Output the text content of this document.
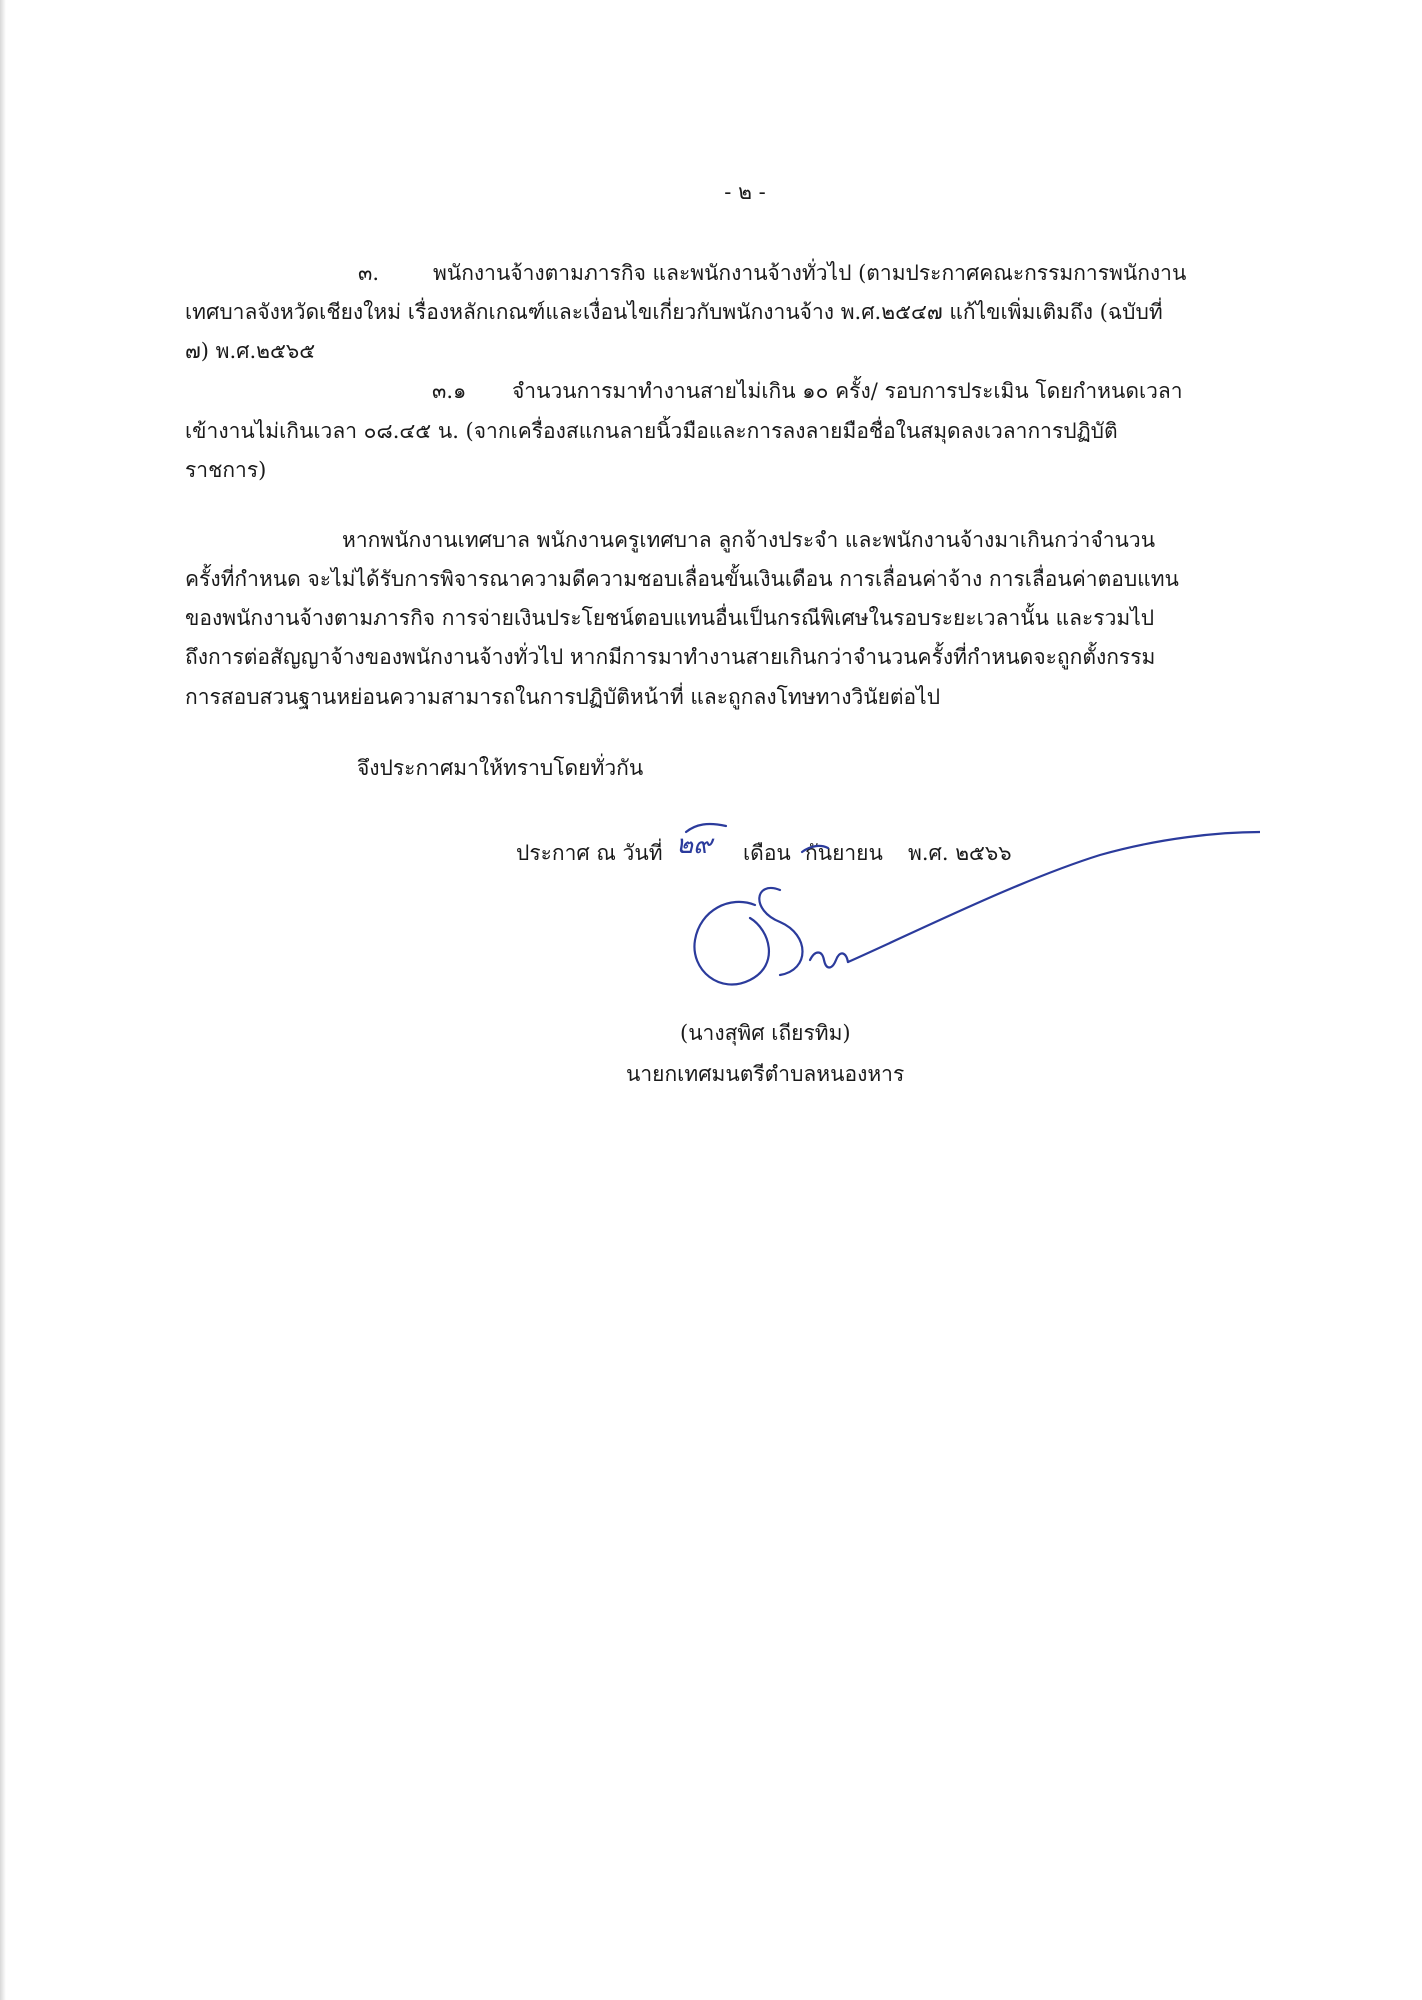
- ๒ -
๓.	พนักงานจ้างตามภารกิจ และพนักงานจ้างทั่วไป (ตามประกาศคณะกรรมการพนักงาน
เทศบาลจังหวัดเชียงใหม่ เรื่องหลักเกณฑ์และเงื่อนไขเกี่ยวกับพนักงานจ้าง พ.ศ.๒๕๔๗ แก้ไขเพิ่มเติมถึง (ฉบับที่
๗) พ.ศ.๒๕๖๕
๓.๑ จำนวนการมาทำงานสายไม่เกิน ๑๐ ครั้ง/ รอบการประเมิน โดยกำหนดเวลา
เข้างานไม่เกินเวลา ๐๘.๔๕ น. (จากเครื่องสแกนลายนิ้วมือและการลงลายมือชื่อในสมุดลงเวลาการปฏิบัติ
ราชการ)
หากพนักงานเทศบาล พนักงานครูเทศบาล ลูกจ้างประจำ และพนักงานจ้างมาเกินกว่าจำนวน
ครั้งที่กำหนด จะไม่ได้รับการพิจารณาความดีความชอบเลื่อนขั้นเงินเดือน การเลื่อนค่าจ้าง การเลื่อนค่าตอบแทน
ของพนักงานจ้างตามภารกิจ การจ่ายเงินประโยชน์ตอบแทนอื่นเป็นกรณีพิเศษในรอบระยะเวลานั้น และรวมไป
ถึงการต่อสัญญาจ้างของพนักงานจ้างทั่วไป หากมีการมาทำงานสายเกินกว่าจำนวนครั้งที่กำหนดจะถูกตั้งกรรม
การสอบสวนฐานหย่อนความสามารถในการปฏิบัติหน้าที่ และถูกลงโทษทางวินัยต่อไป
จึงประกาศมาให้ทราบโดยทั่วกัน
ประกาศ ณ วันที่ ๒๙ เดือน กันยายน พ.ศ. ๒๕๖๖
(นางสุพิศ เถียรทิม)
นายกเทศมนตรีตำบลหนองหาร
